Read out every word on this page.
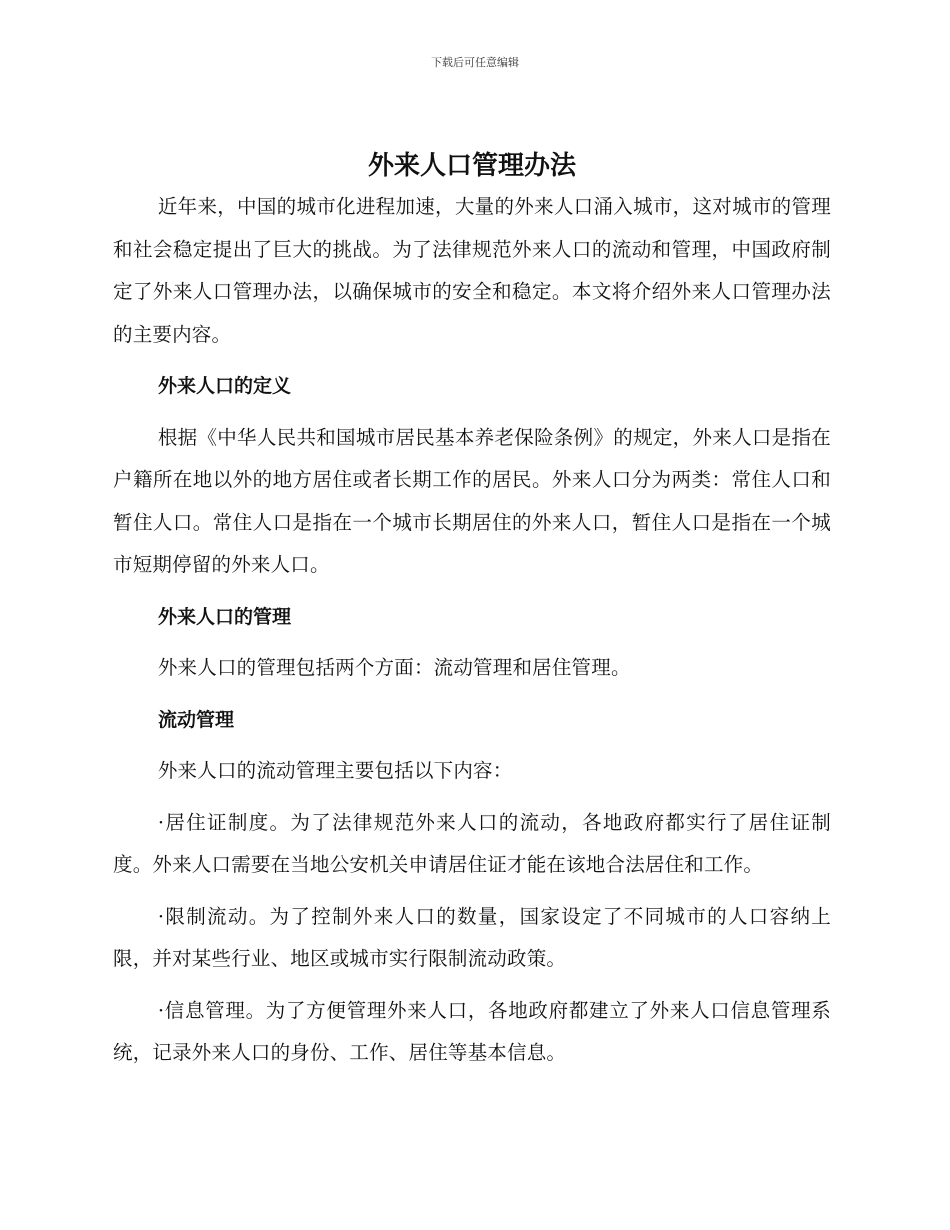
下载后可任意编辑
外来人口管理办法

近年来，中国的城市化进程加速，大量的外来人口涌入城市，这对城市的管理和社会稳定提出了巨大的挑战。为了法律规范外来人口的流动和管理，中国政府制定了外来人口管理办法，以确保城市的安全和稳定。本文将介绍外来人口管理办法的主要内容。

外来人口的定义

根据《中华人民共和国城市居民基本养老保险条例》的规定，外来人口是指在户籍所在地以外的地方居住或者长期工作的居民。外来人口分为两类：常住人口和暂住人口。常住人口是指在一个城市长期居住的外来人口，暂住人口是指在一个城市短期停留的外来人口。

外来人口的管理

外来人口的管理包括两个方面：流动管理和居住管理。

流动管理

外来人口的流动管理主要包括以下内容：

·居住证制度。为了法律规范外来人口的流动，各地政府都实行了居住证制度。外来人口需要在当地公安机关申请居住证才能在该地合法居住和工作。

·限制流动。为了控制外来人口的数量，国家设定了不同城市的人口容纳上限，并对某些行业、地区或城市实行限制流动政策。

·信息管理。为了方便管理外来人口，各地政府都建立了外来人口信息管理系统，记录外来人口的身份、工作、居住等基本信息。
